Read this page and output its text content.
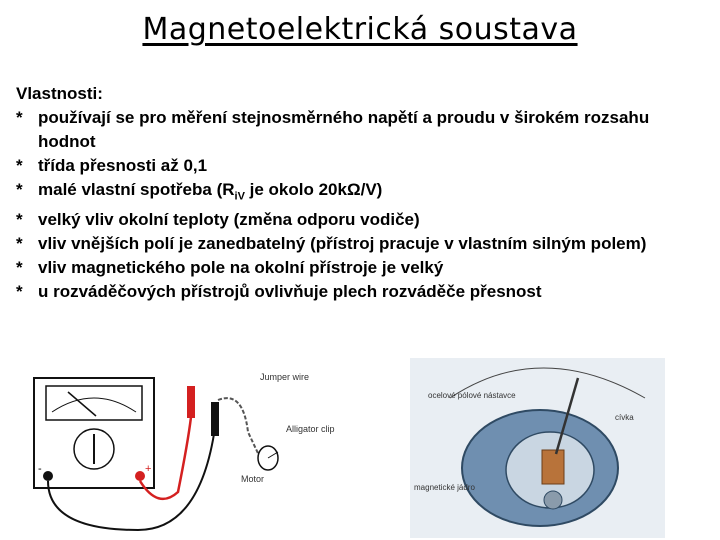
Magnetoelektrická soustava
Vlastnosti:
* používají se pro měření stejnosměrného napětí a proudu v širokém rozsahu hodnot
* třída přesnosti až 0,1
* malé vlastní spotřeba ($R_{iV}$ je okolo 20kΩ/V)
* velký vliv okolní teploty (změna odporu vodiče)
* vliv vnějších polí je zanedbatelný (přístroj pracuje v vlastním silným polem)
* vliv magnetického pole na okolní přístroje je velký
* u rozváděčových přístrojů ovlivňuje plech rozváděče přesnost
-	+
Jumper wire
Alligator clip
Motor
ocelové pólové nástavce
cívka
magnetické jádro
